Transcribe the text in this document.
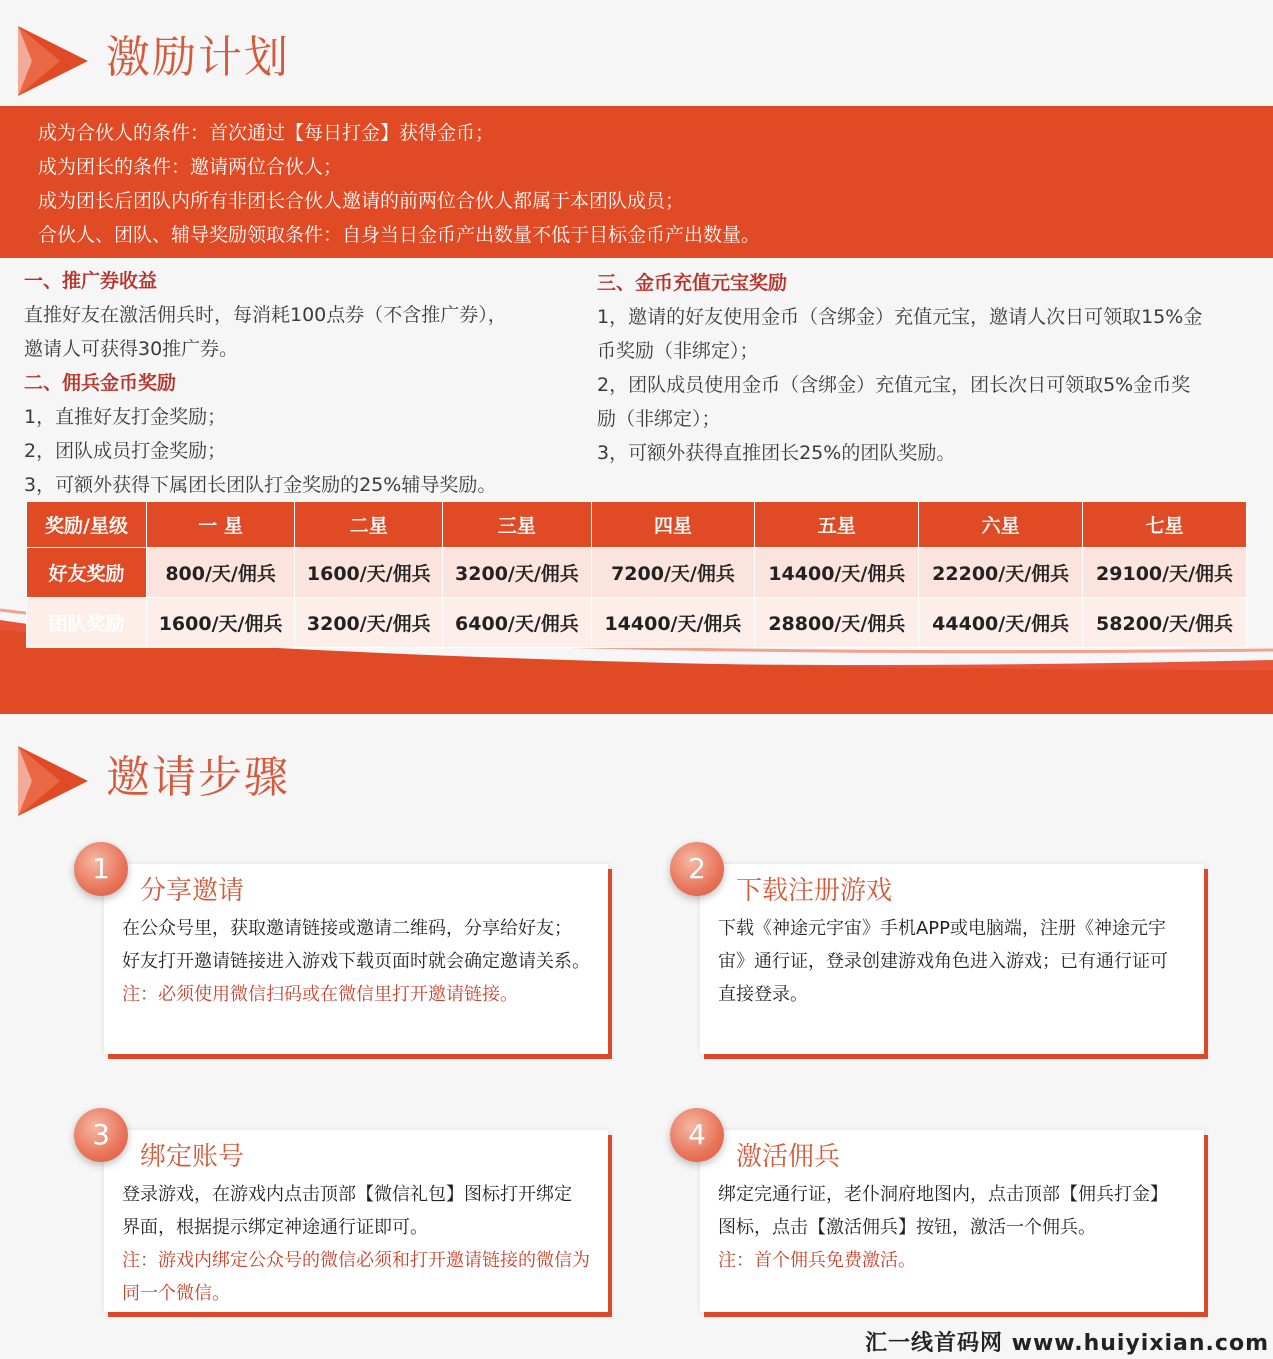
激励计划
成为合伙人的条件：首次通过【每日打金】获得金币；
成为团长的条件：邀请两位合伙人；
成为团长后团队内所有非团长合伙人邀请的前两位合伙人都属于本团队成员；
合伙人、团队、辅导奖励领取条件：自身当日金币产出数量不低于目标金币产出数量。
一、推广券收益
直推好友在激活佣兵时，每消耗100点券（不含推广券），
邀请人可获得30推广券。
二、佣兵金币奖励
1，直推好友打金奖励；
2，团队成员打金奖励；
3，可额外获得下属团长团队打金奖励的25%辅导奖励。
三、金币充值元宝奖励
1，邀请的好友使用金币（含绑金）充值元宝，邀请人次日可领取15%金
币奖励（非绑定）；
2，团队成员使用金币（含绑金）充值元宝，团长次日可领取5%金币奖
励（非绑定）；
3，可额外获得直推团长25%的团队奖励。
奖励/星级	一 星	二星	三星	四星	五星	六星	七星
好友奖励	800/天/佣兵	1600/天/佣兵	3200/天/佣兵	7200/天/佣兵	14400/天/佣兵	22200/天/佣兵	29100/天/佣兵
团队奖励	1600/天/佣兵	3200/天/佣兵	6400/天/佣兵	14400/天/佣兵	28800/天/佣兵	44400/天/佣兵	58200/天/佣兵
邀请步骤
1
分享邀请
在公众号里，获取邀请链接或邀请二维码，分享给好友；
好友打开邀请链接进入游戏下载页面时就会确定邀请关系。
注：必须使用微信扫码或在微信里打开邀请链接。
2
下载注册游戏
下载《神途元宇宙》手机APP或电脑端，注册《神途元宇
宙》通行证，登录创建游戏角色进入游戏；已有通行证可
直接登录。
3
绑定账号
登录游戏，在游戏内点击顶部【微信礼包】图标打开绑定
界面，根据提示绑定神途通行证即可。
注：游戏内绑定公众号的微信必须和打开邀请链接的微信为同一个微信。
4
激活佣兵
绑定完通行证，老仆洞府地图内，点击顶部【佣兵打金】
图标，点击【激活佣兵】按钮，激活一个佣兵。
注：首个佣兵免费激活。
汇一线首码网 www.huiyixian.com
